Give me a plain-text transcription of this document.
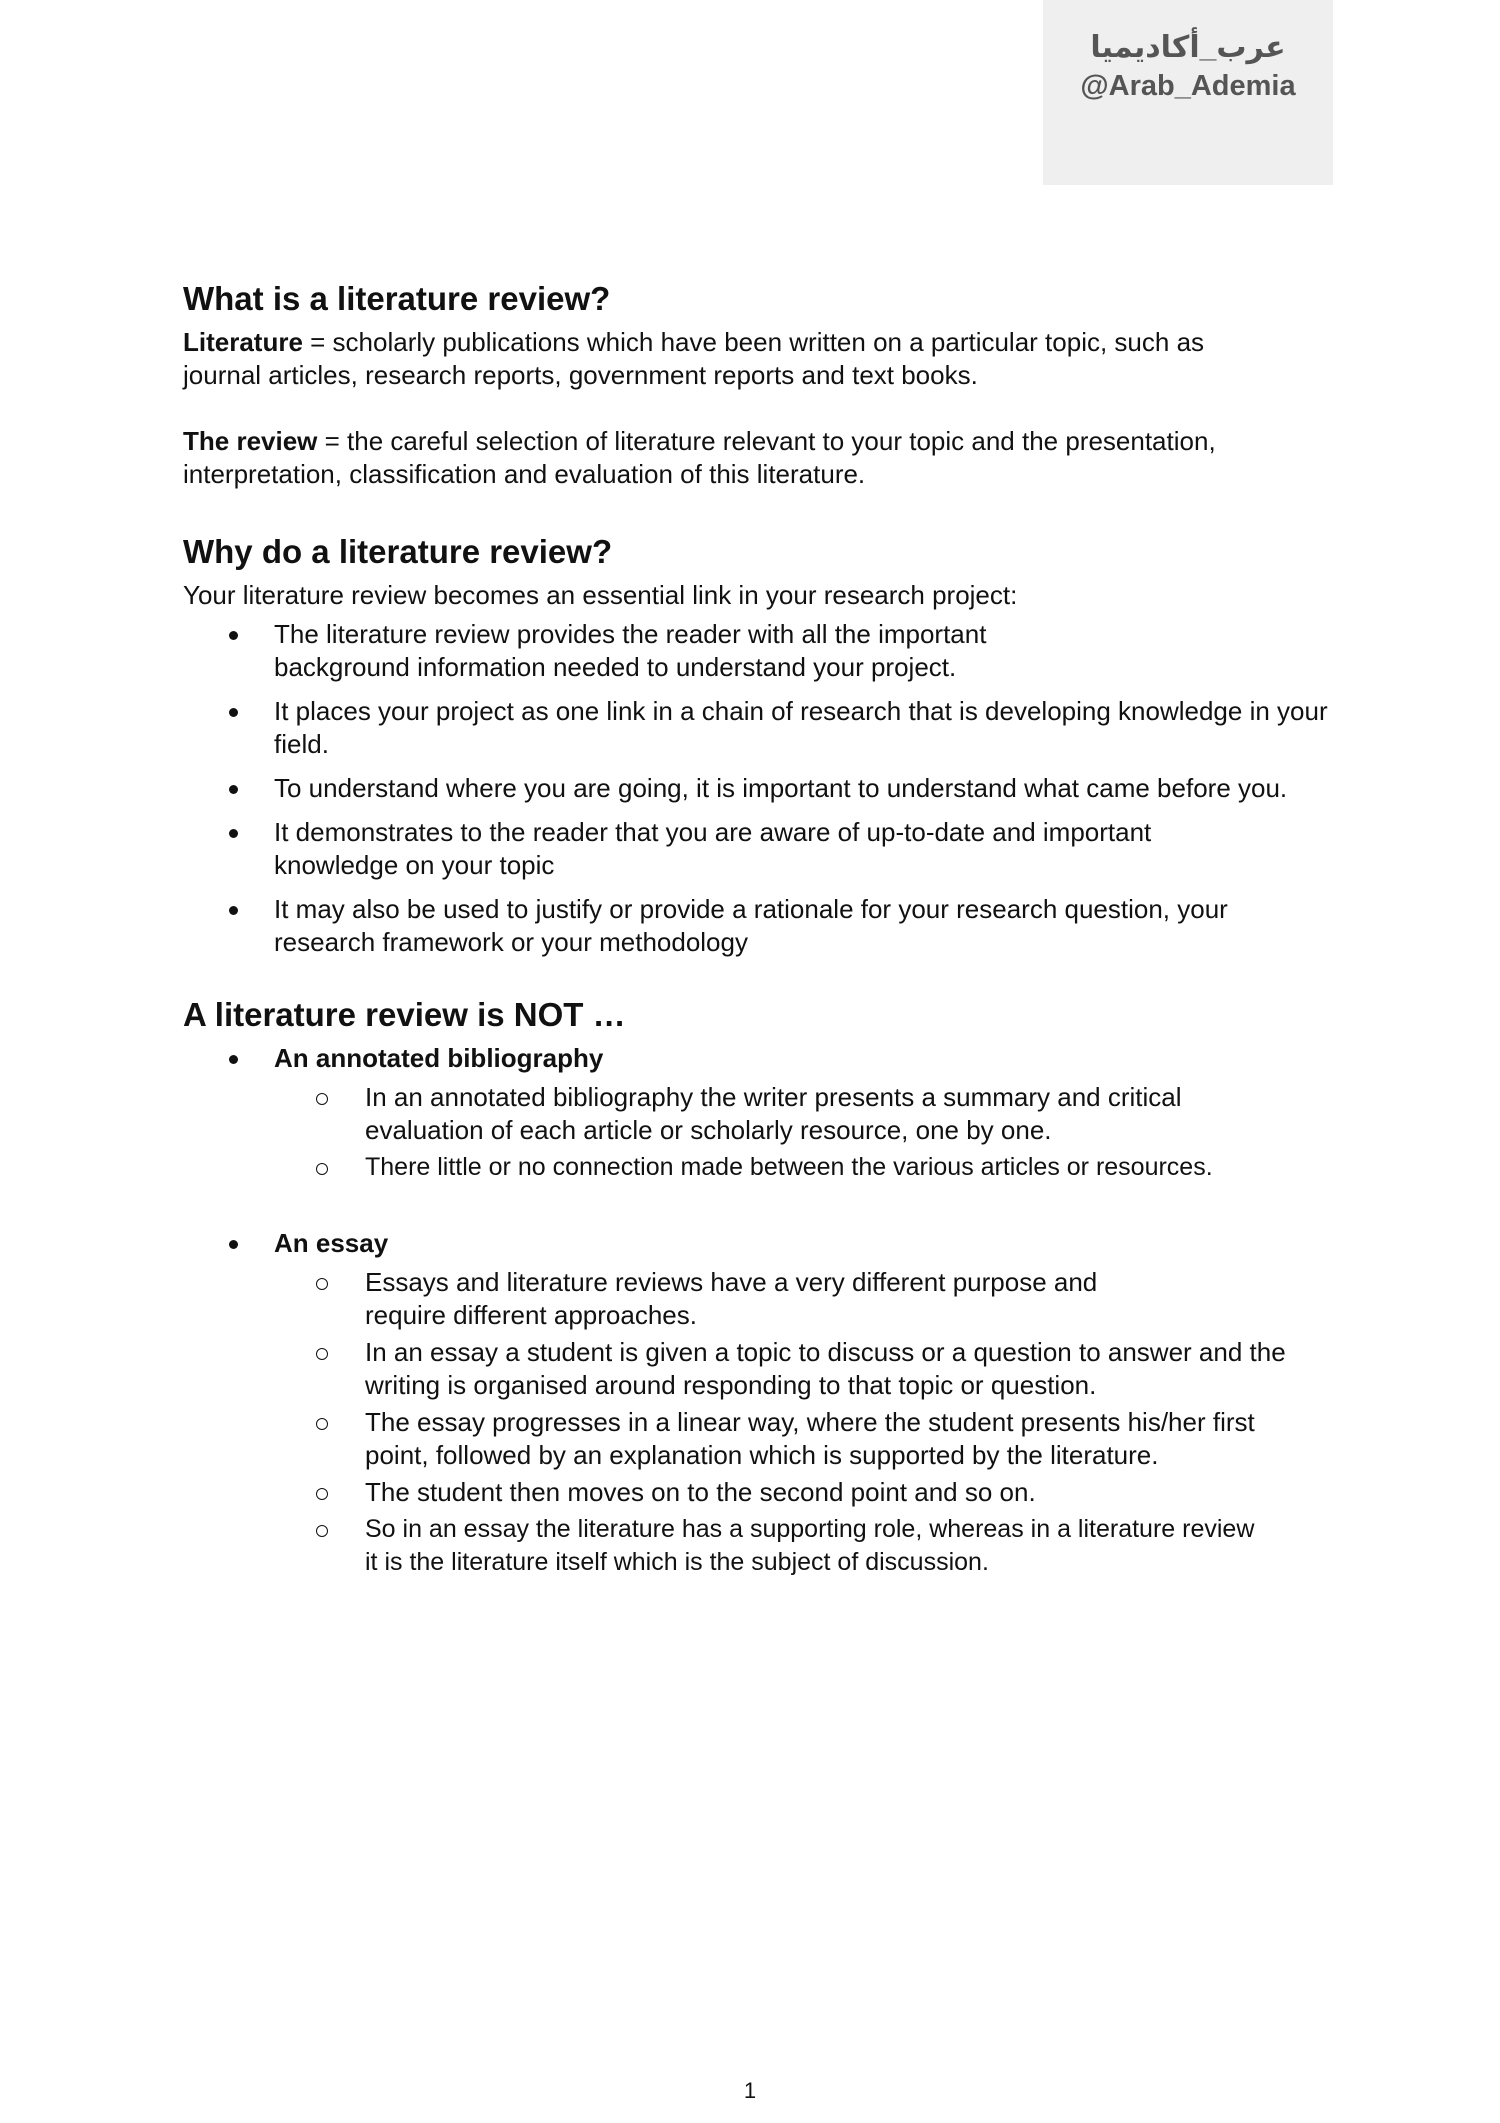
عرب_أكاديميا
@Arab_Ademia
What is a literature review?

Literature = scholarly publications which have been written on a particular topic, such as journal articles, research reports, government reports and text books.

The review = the careful selection of literature relevant to your topic and the presentation, interpretation, classification and evaluation of this literature.

Why do a literature review?

Your literature review becomes an essential link in your research project:

The literature review provides the reader with all the important background information needed to understand your project.
It places your project as one link in a chain of research that is developing knowledge in your field.
To understand where you are going, it is important to understand what came before you.
It demonstrates to the reader that you are aware of up-to-date and important knowledge on your topic
It may also be used to justify or provide a rationale for your research question, your research framework or your methodology
A literature review is NOT …
An annotated bibliography
In an annotated bibliography the writer presents a summary and critical evaluation of each article or scholarly resource, one by one.
There little or no connection made between the various articles or resources.
An essay
Essays and literature reviews have a very different purpose and require different approaches.
In an essay a student is given a topic to discuss or a question to answer and the writing is organised around responding to that topic or question.
The essay progresses in a linear way, where the student presents his/her first point, followed by an explanation which is supported by the literature.
The student then moves on to the second point and so on.
So in an essay the literature has a supporting role, whereas in a literature review it is the literature itself which is the subject of discussion.
1
